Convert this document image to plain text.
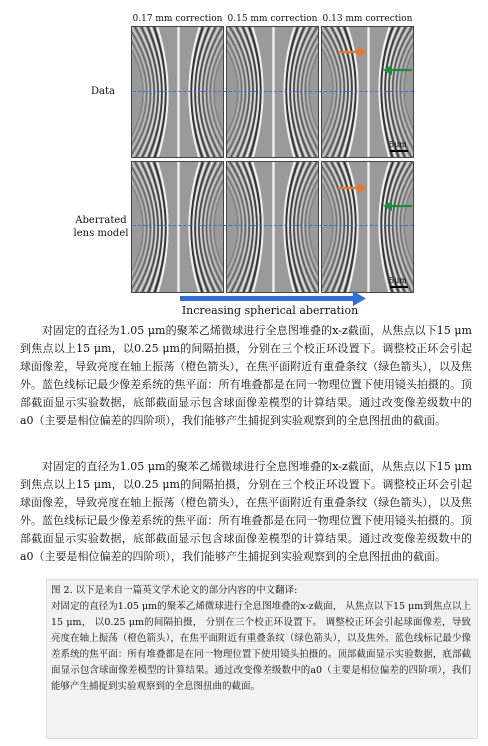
0.17 mm correction 0.15 mm correction 0.13 mm correction
Data
Aberrated lens model
5μm
5μm
Increasing spherical aberration
对固定的直径为1.05 μm的聚苯乙烯微球进行全息图堆叠的x-z截面，从焦点以下15 μm到焦点以上15 μm，以0.25 μm的间隔拍摄，分别在三个校正环设置下。调整校正环会引起球面像差，导致亮度在轴上振荡（橙色箭头），在焦平面附近有重叠条纹（绿色箭头），以及焦外。蓝色线标记最少像差系统的焦平面：所有堆叠都是在同一物理位置下使用镜头拍摄的。顶部截面显示实验数据，底部截面显示包含球面像差模型的计算结果。通过改变像差级数中的a0（主要是相位偏差的四阶项），我们能够产生捕捉到实验观察到的全息图扭曲的截面。
对固定的直径为1.05 μm的聚苯乙烯微球进行全息图堆叠的x-z截面，从焦点以下15 μm到焦点以上15 μm，以0.25 μm的间隔拍摄，分别在三个校正环设置下。调整校正环会引起球面像差，导致亮度在轴上振荡（橙色箭头），在焦平面附近有重叠条纹（绿色箭头），以及焦外。蓝色线标记最少像差系统的焦平面：所有堆叠都是在同一物理位置下使用镜头拍摄的。顶部截面显示实验数据，底部截面显示包含球面像差模型的计算结果。通过改变像差级数中的a0（主要是相位偏差的四阶项），我们能够产生捕捉到实验观察到的全息图扭曲的截面。
图 2. 以下是来自一篇英文学术论文的部分内容的中文翻译:
对固定的直径为1.05 μm的聚苯乙烯微球进行全息图堆叠的x-z截面， 从焦点以下15 μm到焦点以上15 μm， 以0.25 μm的间隔拍摄， 分别在三个校正环设置下。 调整校正环会引起球面像差，导致亮度在轴上振荡（橙色箭头），在焦平面附近有重叠条纹（绿色箭头），以及焦外。蓝色线标记最少像差系统的焦平面：所有堆叠都是在同一物理位置下使用镜头拍摄的。顶部截面显示实验数据，底部截面显示包含球面像差模型的计算结果。通过改变像差级数中的a0（主要是相位偏差的四阶项），我们能够产生捕捉到实验观察到的全息图扭曲的截面。
